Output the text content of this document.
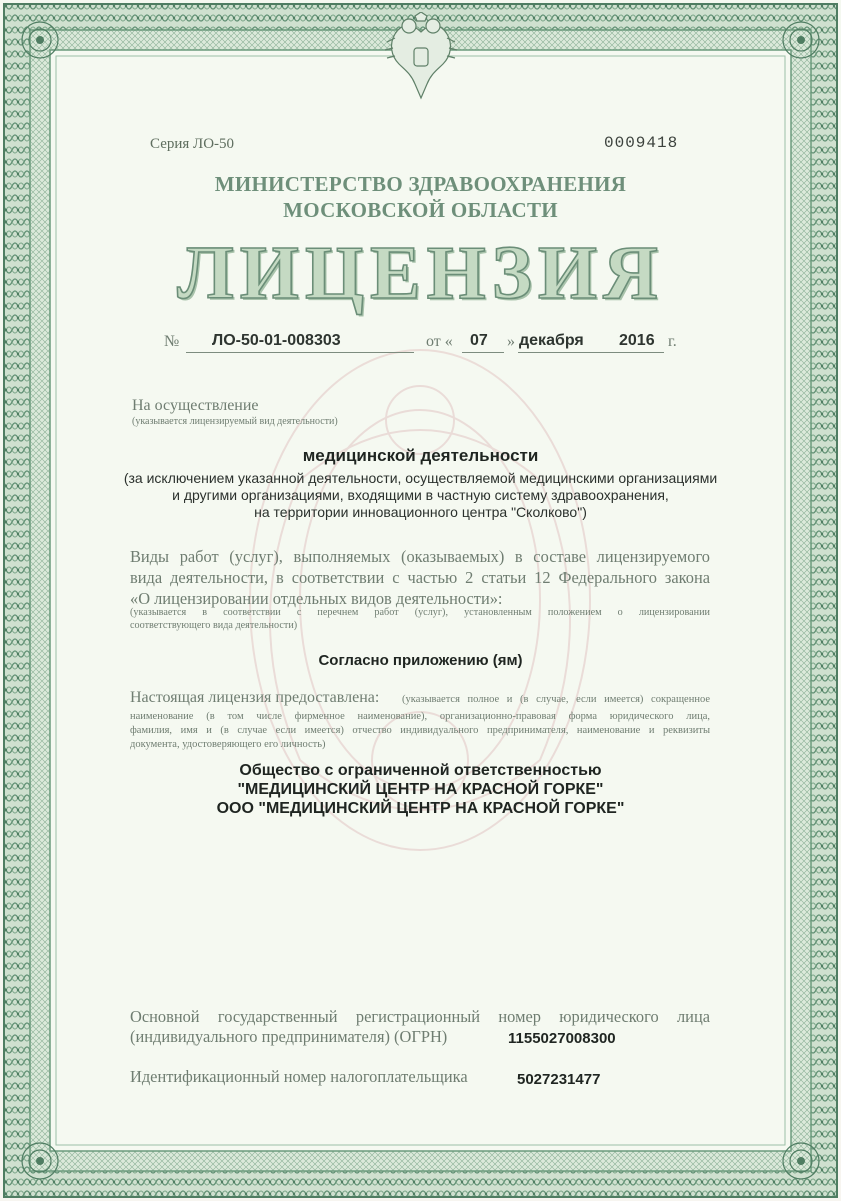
Серия ЛО-50	0009418
МИНИСТЕРСТВО ЗДРАВООХРАНЕНИЯ
МОСКОВСКОЙ ОБЛАСТИ
ЛИЦЕНЗИЯ
№ ЛО-50-01-008303	от « 07 » декабря 2016 г.
На осуществление
(указывается лицензируемый вид деятельности)
медицинской деятельности
(за исключением указанной деятельности, осуществляемой медицинскими организациями
и другими организациями, входящими в частную систему здравоохранения,
на территории инновационного центра "Сколково")
Виды работ (услуг), выполняемых (оказываемых) в составе лицензируемого
вида деятельности, в соответствии с частью 2 статьи 12 Федерального закона
«О лицензировании отдельных видов деятельности»:
(указывается в соответствии с перечнем работ (услуг), установленным положением о лицензировании
соответствующего вида деятельности)
Согласно приложению (ям)
Настоящая лицензия предоставлена: (указывается полное и (в случае, если имеется) сокращенное
наименование (в том числе фирменное наименование), организационно-правовая форма юридического лица,
фамилия, имя и (в случае если имеется) отчество индивидуального предпринимателя, наименование и реквизиты
документа, удостоверяющего его личность)
Общество с ограниченной ответственностью
"МЕДИЦИНСКИЙ ЦЕНТР НА КРАСНОЙ ГОРКЕ"
ООО "МЕДИЦИНСКИЙ ЦЕНТР НА КРАСНОЙ ГОРКЕ"
Основной государственный регистрационный номер юридического лица
(индивидуального предпринимателя) (ОГРН)	1155027008300
Идентификационный номер налогоплательщика	5027231477
